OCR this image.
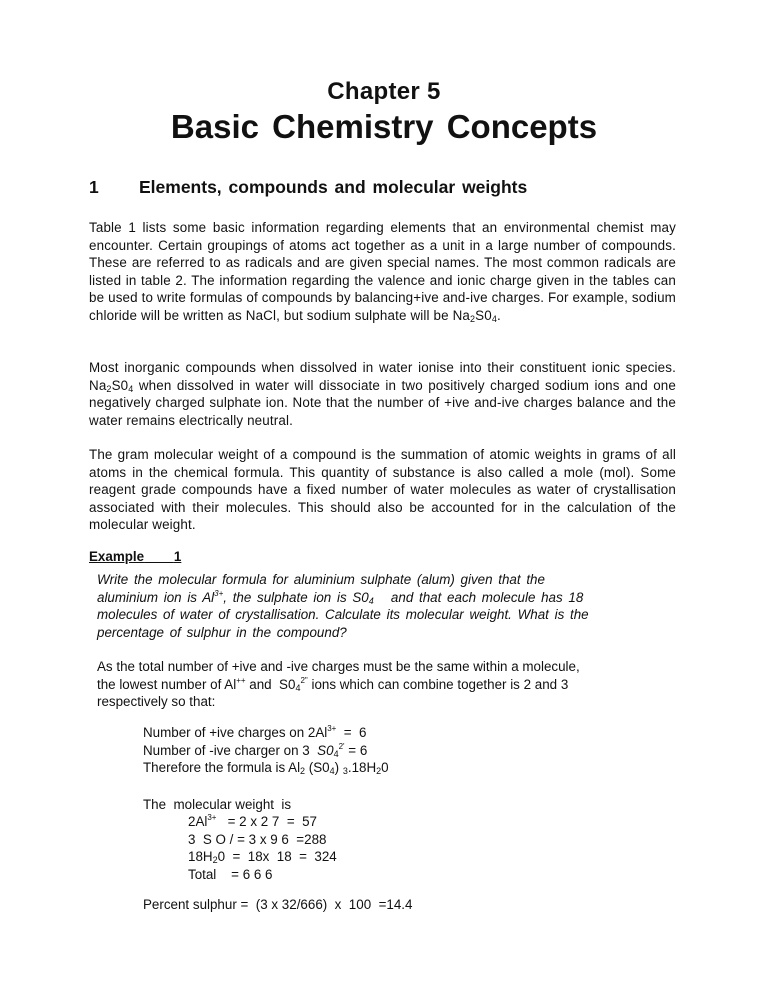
Chapter 5
Basic Chemistry Concepts
1 Elements, compounds and molecular weights
Table 1 lists some basic information regarding elements that an environmental chemist may encounter. Certain groupings of atoms act together as a unit in a large number of compounds. These are referred to as radicals and are given special names. The most common radicals are listed in table 2. The information regarding the valence and ionic charge given in the tables can be used to write formulas of compounds by balancing+ive and-ive charges. For example, sodium chloride will be written as NaCl, but sodium sulphate will be $Na_2S0_4$.
Most inorganic compounds when dissolved in water ionise into their constituent ionic species. $Na_2S0_4$ when dissolved in water will dissociate in two positively charged sodium ions and one negatively charged sulphate ion. Note that the number of +ive and-ive charges balance and the water remains electrically neutral.
The gram molecular weight of a compound is the summation of atomic weights in grams of all atoms in the chemical formula. This quantity of substance is also called a mole (mol). Some reagent grade compounds have a fixed number of water molecules as water of crystallisation associated with their molecules. This should also be accounted for in the calculation of the molecular weight.
Example 1
Write the molecular formula for aluminium sulphate (alum) given that the
aluminium ion is $Al^{3+}$, the sulphate ion is $S0_4$   and that each molecule has 18
molecules of water of crystallisation. Calculate its molecular weight. What is the
percentage of sulphur in the compound?
As the total number of +ive and -ive charges must be the same within a molecule,
the lowest number of Al++ and  $S0_4^{2"}$ ions which can combine together is 2 and 3
respectively so that:
Number of +ive charges on $2Al^{3+} = 6$
Number of -ive charger on 3  $S0_4^{2'} = 6$
Therefore the formula is $Al_2$ $(S0_4)$ $_3.18H_20$
The  molecular weight  is
$2Al^{3+} = 2$ x 2 7  =  57
3  S O / = 3 x 9 6  =288
$18H_20 = 18x$  18  =  324
Total    = 6 6 6
Percent sulphur =  (3 x 32/666)  x  100  =14.4
